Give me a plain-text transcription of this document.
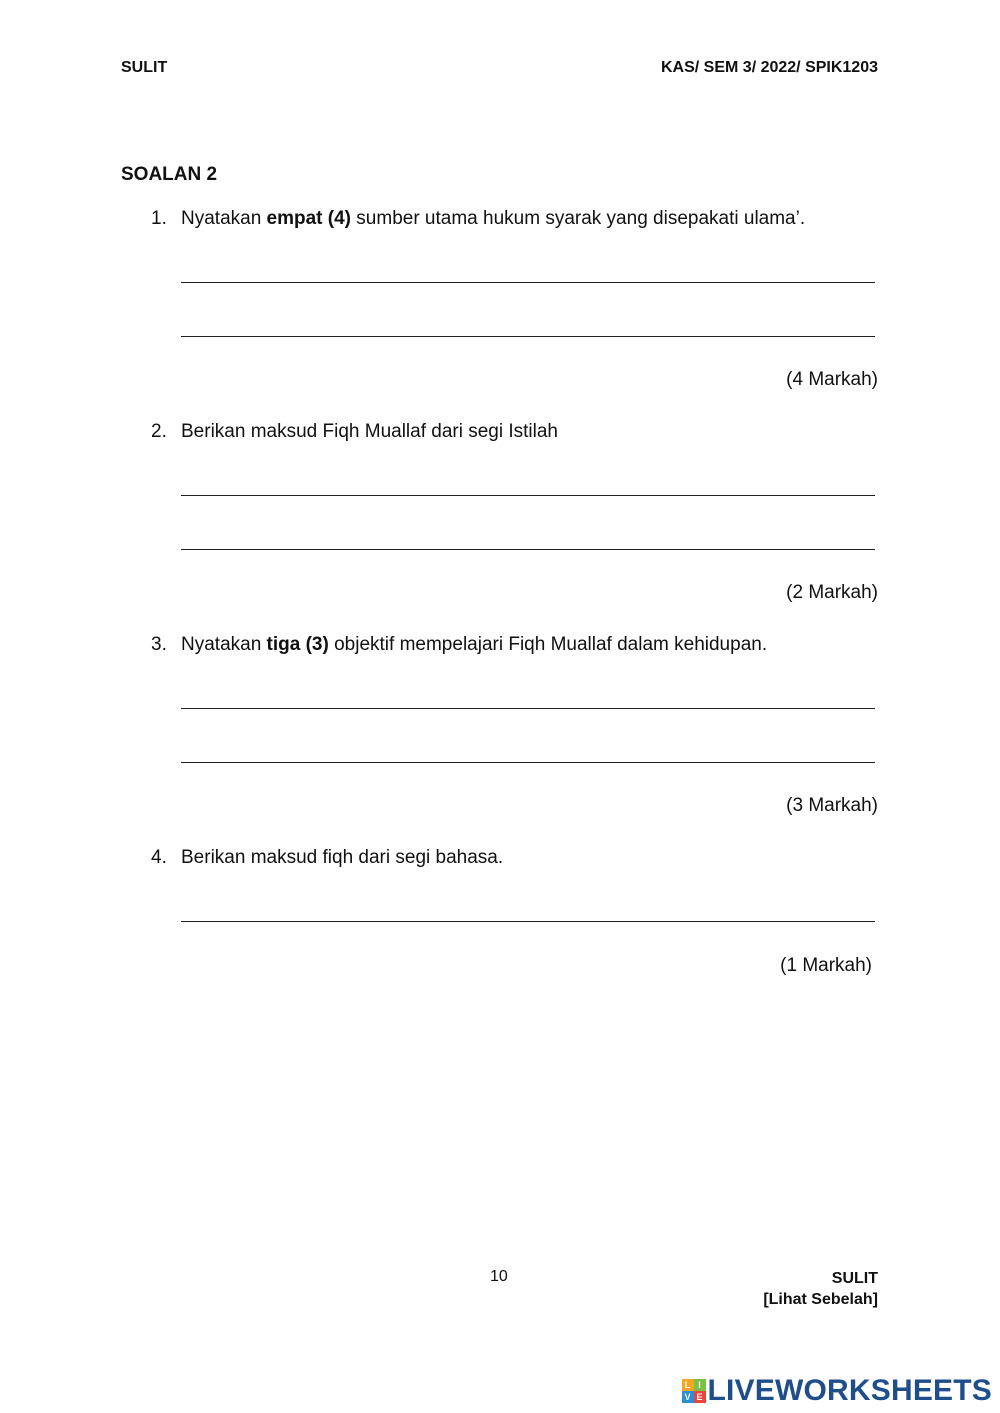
SULIT	KAS/ SEM 3/ 2022/ SPIK1203
SOALAN 2
1. Nyatakan empat (4) sumber utama hukum syarak yang disepakati ulama’.
(4 Markah)
2. Berikan maksud Fiqh Muallaf dari segi Istilah
(2 Markah)
3. Nyatakan tiga (3) objektif mempelajari Fiqh Muallaf dalam kehidupan.
(3 Markah)
4. Berikan maksud fiqh dari segi bahasa.
(1 Markah)
10	SULIT
[Lihat Sebelah]
L I
V E LIVEWORKSHEETS
